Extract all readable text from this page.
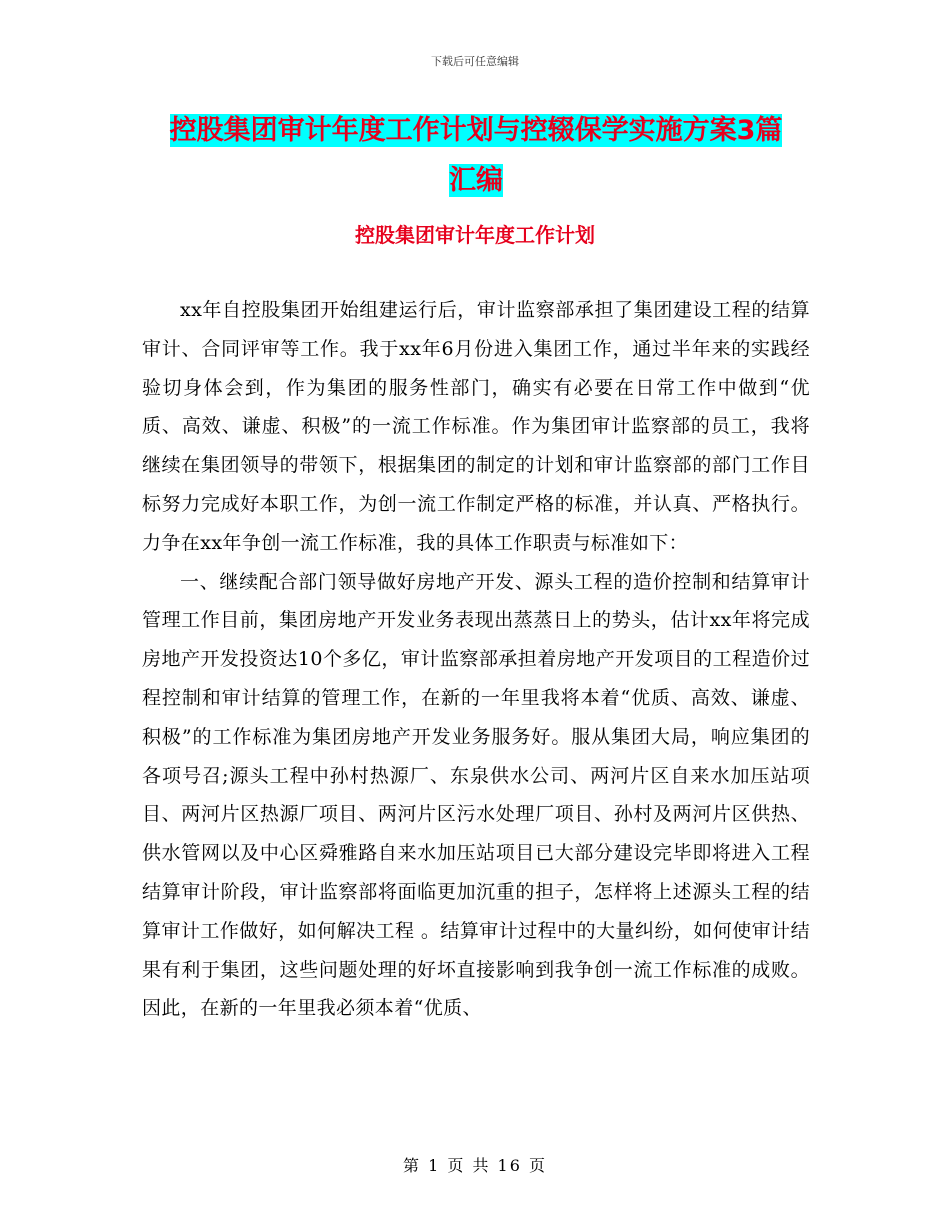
下载后可任意编辑
控股集团审计年度工作计划与控辍保学实施方案3篇
汇编
控股集团审计年度工作计划

xx年自控股集团开始组建运行后，审计监察部承担了集团建设工程的结算审计、合同评审等工作。我于xx年6月份进入集团工作，通过半年来的实践经验切身体会到，作为集团的服务性部门，确实有必要在日常工作中做到“优质、高效、谦虚、积极”的一流工作标准。作为集团审计监察部的员工，我将继续在集团领导的带领下，根据集团的制定的计划和审计监察部的部门工作目标努力完成好本职工作，为创一流工作制定严格的标准，并认真、严格执行。力争在xx年争创一流工作标准，我的具体工作职责与标准如下：

一、继续配合部门领导做好房地产开发、源头工程的造价控制和结算审计管理工作目前，集团房地产开发业务表现出蒸蒸日上的势头，估计xx年将完成房地产开发投资达10个多亿，审计监察部承担着房地产开发项目的工程造价过程控制和审计结算的管理工作，在新的一年里我将本着“优质、高效、谦虚、积极”的工作标准为集团房地产开发业务服务好。服从集团大局，响应集团的各项号召;源头工程中孙村热源厂、东泉供水公司、两河片区自来水加压站项目、两河片区热源厂项目、两河片区污水处理厂项目、孙村及两河片区供热、供水管网以及中心区舜雅路自来水加压站项目已大部分建设完毕即将进入工程结算审计阶段，审计监察部将面临更加沉重的担子，怎样将上述源头工程的结算审计工作做好，如何解决工程 。结算审计过程中的大量纠纷，如何使审计结果有利于集团，这些问题处理的好坏直接影响到我争创一流工作标准的成败。因此，在新的一年里我必须本着“优质、

第 1 页 共 16 页
